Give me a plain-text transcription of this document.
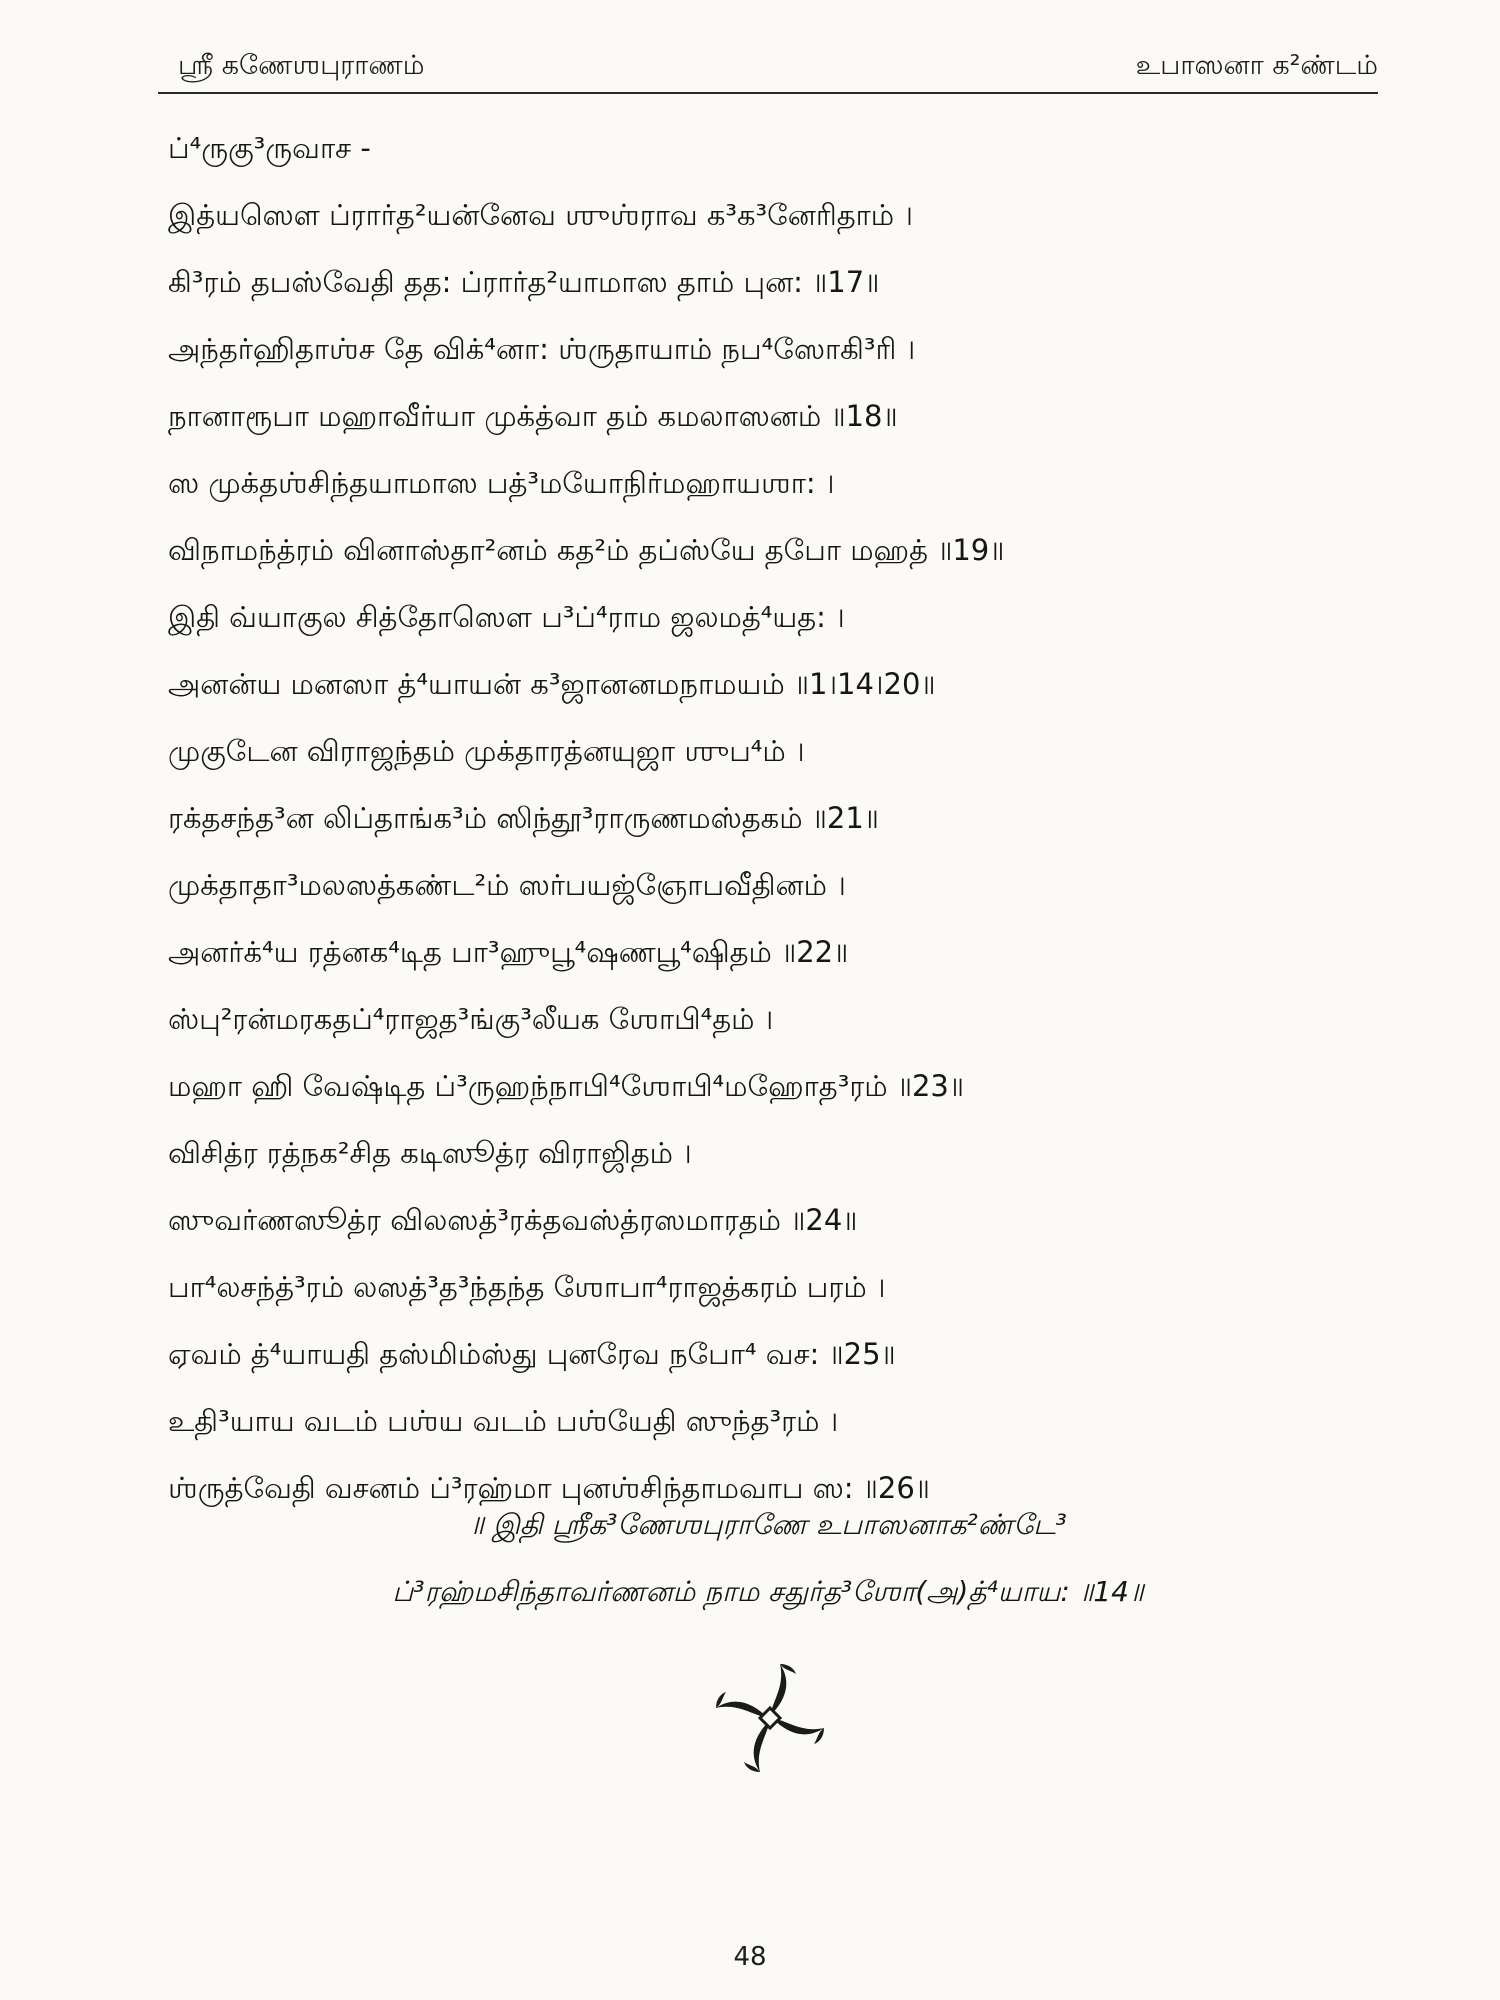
ஸ்ரீ கணேஶபுராணம்	உபாஸனா க²ண்டம்
ப்⁴ருகு³ருவாச -
இத்யஸௌ ப்ரார்த²யன்னேவ ஶுஶ்ராவ க³க³னேரிதாம் ।
கி³ரம் தபஸ்வேதி தத꞉ ப்ரார்த²யாமாஸ தாம் புன꞉ ॥17॥
அந்தர்ஹிதாஶ்ச தே விக்⁴னா꞉ ஶ்ருதாயாம் நப⁴ஸோகி³ரி ।
நானாரூபா மஹாவீர்யா முக்த்வா தம் கமலாஸனம் ॥18॥
ஸ முக்தஶ்சிந்தயாமாஸ பத்³மயோநிர்மஹாயஶா꞉ ।
விநாமந்த்ரம் வினாஸ்தா²னம் கத²ம் தப்ஸ்யே தபோ மஹத் ॥19॥
இதி வ்யாகுல சித்தோஸௌ ப³ப்⁴ராம ஜலமத்⁴யத꞉ ।
அனன்ய மனஸா த்⁴யாயன் க³ஜானனமநாமயம் ॥1।14।20॥
முகுடேன விராஜந்தம் முக்தாரத்னயுஜா ஶுப⁴ம் ।
ரக்தசந்த³ன லிப்தாங்க³ம் ஸிந்தூ³ராருணமஸ்தகம் ॥21॥
முக்தாதா³மலஸத்கண்ட²ம் ஸர்பயஜ்ஞோபவீதினம் ।
அனர்க்⁴ய ரத்னக⁴டித பா³ஹுபூ⁴ஷணபூ⁴ஷிதம் ॥22॥
ஸ்பு²ரன்மரகதப்⁴ராஜத³ங்கு³லீயக ஶோபி⁴தம் ।
மஹா ஹி வேஷ்டித ப்³ருஹந்நாபி⁴ஶோபி⁴மஹோத³ரம் ॥23॥
விசித்ர ரத்நக²சித கடிஸூத்ர விராஜிதம் ।
ஸுவர்ணஸூத்ர விலஸத்³ரக்தவஸ்த்ரஸமாரதம் ॥24॥
பா⁴லசந்த்³ரம் லஸத்³த³ந்தந்த ஶோபா⁴ராஜத்கரம் பரம் ।
ஏவம் த்⁴யாயதி தஸ்மிம்ஸ்து புனரேவ நபோ⁴ வச꞉ ॥25॥
உதி³யாய வடம் பஶ்ய வடம் பஶ்யேதி ஸுந்த³ரம் ।
ஶ்ருத்வேதி வசனம் ப்³ரஹ்மா புனஶ்சிந்தாமவாப ஸ꞉ ॥26॥
॥ இதி ஶ்ரீக³ணேஶபுராணே உபாஸனாக²ண்டே³
ப்³ரஹ்மசிந்தாவர்ணனம் நாம சதுர்த³ஶோ(அ)த்⁴யாய꞉ ॥14॥
48
